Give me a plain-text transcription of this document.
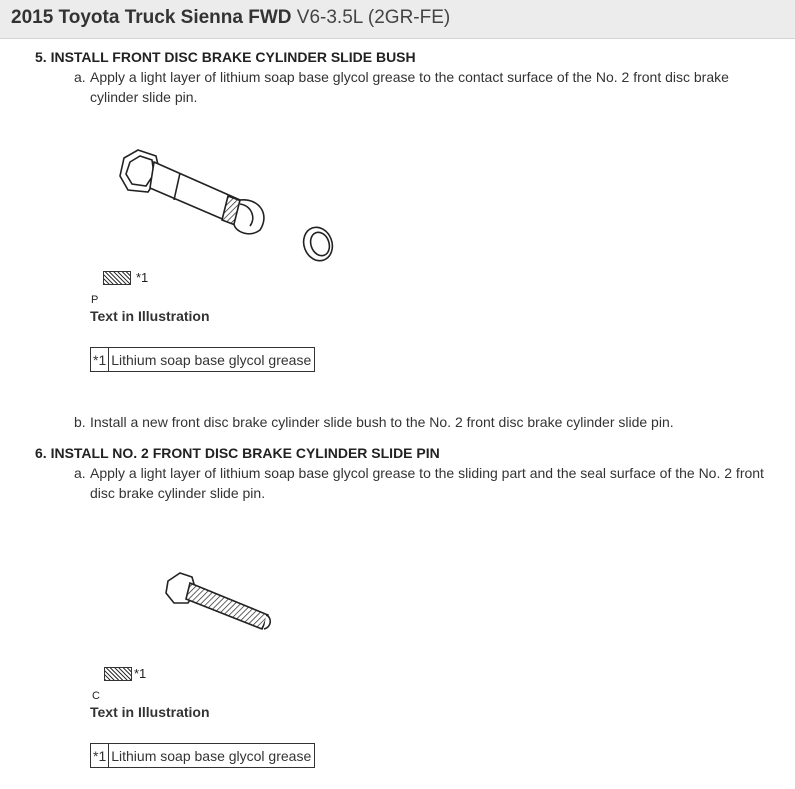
2015 Toyota Truck Sienna FWD V6-3.5L (2GR-FE)
5. INSTALL FRONT DISC BRAKE CYLINDER SLIDE BUSH
a. Apply a light layer of lithium soap base glycol grease to the contact surface of the No. 2 front disc brake cylinder slide pin.
*1
P
Text in Illustration
*1 Lithium soap base glycol grease
b. Install a new front disc brake cylinder slide bush to the No. 2 front disc brake cylinder slide pin.
6. INSTALL NO. 2 FRONT DISC BRAKE CYLINDER SLIDE PIN
a. Apply a light layer of lithium soap base glycol grease to the sliding part and the seal surface of the No. 2 front disc brake cylinder slide pin.
*1
C
Text in Illustration
*1 Lithium soap base glycol grease
